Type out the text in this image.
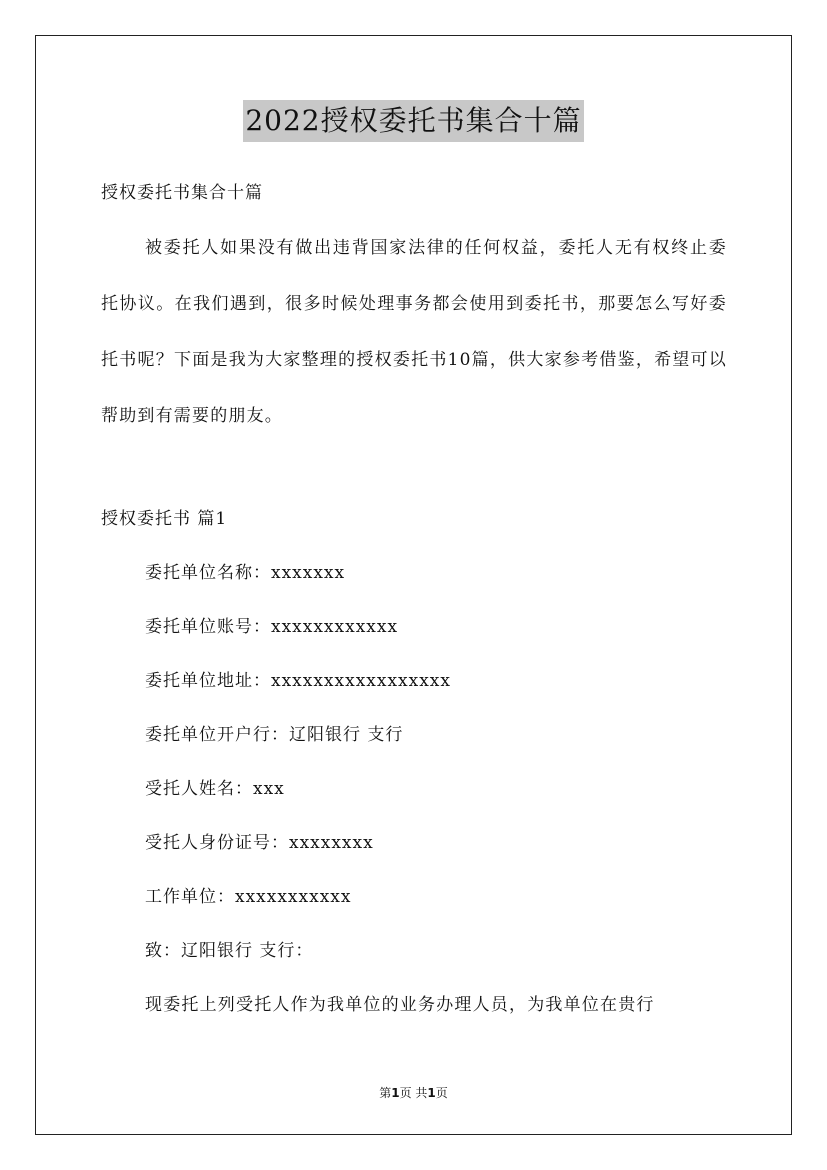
2022授权委托书集合十篇
授权委托书集合十篇
被委托人如果没有做出违背国家法律的任何权益，委托人无有权终止委托协议。在我们遇到，很多时候处理事务都会使用到委托书，那要怎么写好委托书呢？下面是我为大家整理的授权委托书10篇，供大家参考借鉴，希望可以帮助到有需要的朋友。
授权委托书 篇1
委托单位名称：xxxxxxx
委托单位账号：xxxxxxxxxxxx
委托单位地址：xxxxxxxxxxxxxxxxx
委托单位开户行：辽阳银行 支行
受托人姓名：xxx
受托人身份证号：xxxxxxxx
工作单位：xxxxxxxxxxx
致：辽阳银行 支行：
现委托上列受托人作为我单位的业务办理人员，为我单位在贵行
第1页 共1页
